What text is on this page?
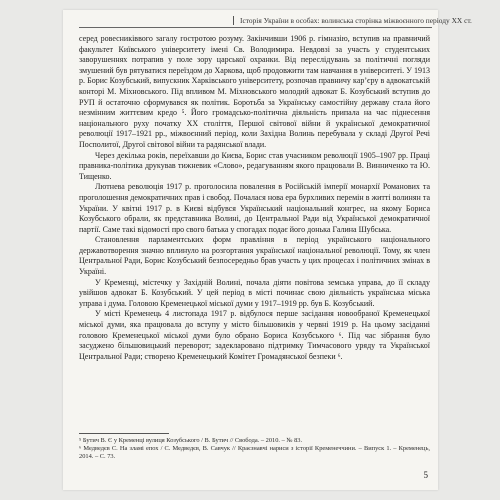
Історія України в особах: волинська сторінка міжвоєнного періоду ХХ ст.

серед ровесниківвого загалу гостротою розуму. Закінчивши 1906 р. гімназію, вступив на правничий факультет Київського університету імені Св. Володимира. Невдовзі за участь у студентських заворушеннях потрапив у поле зору царської охранки. Від переслідувань за політичні погляди змушений був рятуватися переїздом до Харкова, щоб продовжити там навчання в університеті. У 1913 р. Борис Козубський, випускник Харківського університету, розпочав правничу кар’єру в адвокатській конторі М. Міхновського. Під впливом М. Міхновського молодий адвокат Б. Козубський вступив до РУП й остаточно сформувався як політик. Боротьба за Українську самостійну державу стала його незмінним життєвим кредо ⁵. Його громадсько-політична діяльність припала на час піднесення національного руху початку ХХ століття, Першої світової війни й української демократичної революції 1917–1921 рр., міжвоєнний період, коли Західна Волинь перебувала у складі Другої Речі Посполитої, Другої світової війни та радянської влади.

Через декілька років, переїхавши до Києва, Борис став учасником революції 1905–1907 рр. Праці правника-політика друкував тижневик «Слово», редагуванням якого працювали В. Винниченко та Ю. Тищенко.

Лютнева революція 1917 р. проголосила повалення в Російській імперії монархії Романових та проголошення демократичних прав і свобод. Почалася нова ера бурхливих перемін в житті волинян та України. У квітні 1917 р. в Києві відбувся Український національний конгрес, на якому Бориса Козубського обрали, як представника Волині, до Центральної Ради від Української демократичної партії. Саме такі відомості про свого батька у спогадах подає його донька Галина Шубська.

Становлення парламентських форм правління в період українського національного державотворення значно вплинуло на розгортання української національної революції. Тому, як член Центральної Ради, Борис Козубський безпосередньо брав участь у цих процесах і політичних змінах в Україні.

У Кременці, містечку у Західній Волині, почала діяти повітова земська управа, до її складу увійшов адвокат Б. Козубський. У цей період в місті починає свою діяльність українська міська управа і дума. Головою Кременецької міської думи у 1917–1919 рр. був Б. Козубський.

У місті Кременець 4 листопада 1917 р. відбулося перше засідання новообраної Кременецької міської думи, яка працювала до вступу у місто більшовиків у червні 1919 р. На цьому засіданні головою Кременецької міської думи було обрано Бориса Козубського ⁶. Під час зібрання було засуджено більшовицький переворот; задекларовано підтримку Тимчасового уряду та Української Центральної Ради; створено Кременецький Комітет Громадянської безпеки ⁶.

⁵ Бутич В. Є у Кременці вулиця Козубського / В. Бутич // Свобода. – 2010. – № 83.

⁶ Медведєв С. На зламі епох / С. Медведєв, В. Савчук // Краєзнавчі нариси з історії Кременеччини. – Випуск 1. – Кременець, 2014. – С. 73.

5
